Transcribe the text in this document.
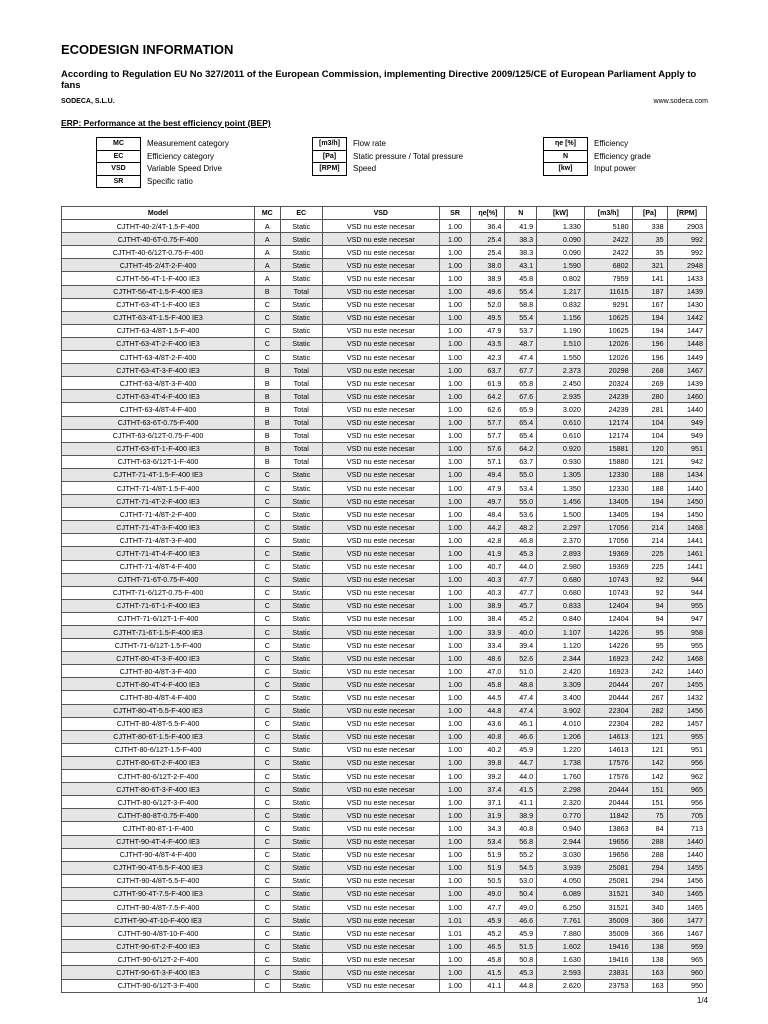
ECODESIGN INFORMATION

According to Regulation EU No 327/2011 of the European Commission, implementing Directive 2009/125/CE of European Parliament Apply to fans

SODECA, S.L.U.	www.sodeca.com
ERP: Performance at the best efficiency point (BEP)
MC	Measurement category
EC	Efficiency category
VSD	Variable Speed Drive
SR	Specific ratio
[m3/h]	Flow rate
[Pa]	Static pressure / Total pressure
[RPM]	Speed
ηe [%]	Efficiency
N	Efficiency grade
[kw]	Input power
Model	MC	EC	VSD	SR	ηe[%]	N	[kW]	[m3/h]	[Pa]	[RPM]
CJTHT-40-2/4T-1.5-F-400	A	Static	VSD nu este necesar	1.00	36.4	41.9	1.330	5180	338	2903
CJTHT-40-6T-0.75-F-400	A	Static	VSD nu este necesar	1.00	25.4	38.3	0.090	2422	35	992
CJTHT-40-6/12T-0.75-F-400	A	Static	VSD nu este necesar	1.00	25.4	38.3	0.090	2422	35	992
CJTHT-45-2/4T-2-F-400	A	Static	VSD nu este necesar	1.00	38.0	43.1	1.590	6802	321	2948
CJTHT-56-4T-1-F-400 IE3	A	Static	VSD nu este necesar	1.00	38.9	45.8	0.802	7959	141	1433
CJTHT-56-4T-1.5-F-400 IE3	B	Total	VSD nu este necesar	1.00	49.6	55.4	1.217	11615	187	1439
CJTHT-63-4T-1-F-400 IE3	C	Static	VSD nu este necesar	1.00	52.0	58.8	0.832	9291	167	1430
CJTHT-63-4T-1.5-F-400 IE3	C	Static	VSD nu este necesar	1.00	49.5	55.4	1.156	10625	194	1442
CJTHT-63-4/8T-1.5-F-400	C	Static	VSD nu este necesar	1.00	47.9	53.7	1.190	10625	194	1447
CJTHT-63-4T-2-F-400 IE3	C	Static	VSD nu este necesar	1.00	43.5	48.7	1.510	12026	196	1448
CJTHT-63-4/8T-2-F-400	C	Static	VSD nu este necesar	1.00	42.3	47.4	1.550	12026	196	1449
CJTHT-63-4T-3-F-400 IE3	B	Total	VSD nu este necesar	1.00	63.7	67.7	2.373	20298	268	1467
CJTHT-63-4/8T-3-F-400	B	Total	VSD nu este necesar	1.00	61.9	65.8	2.450	20324	269	1439
CJTHT-63-4T-4-F-400 IE3	B	Total	VSD nu este necesar	1.00	64.2	67.6	2.935	24239	280	1460
CJTHT-63-4/8T-4-F-400	B	Total	VSD nu este necesar	1.00	62.6	65.9	3.020	24239	281	1440
CJTHT-63-6T-0.75-F-400	B	Total	VSD nu este necesar	1.00	57.7	65.4	0.610	12174	104	949
CJTHT-63-6/12T-0.75-F-400	B	Total	VSD nu este necesar	1.00	57.7	65.4	0.610	12174	104	949
CJTHT-63-6T-1-F-400 IE3	B	Total	VSD nu este necesar	1.00	57.6	64.2	0.920	15881	120	951
CJTHT-63-6/12T-1-F-400	B	Total	VSD nu este necesar	1.00	57.1	63.7	0.930	15880	121	942
CJTHT-71-4T-1.5-F-400 IE3	C	Static	VSD nu este necesar	1.00	49.4	55.0	1.305	12330	188	1434
CJTHT-71-4/8T-1.5-F-400	C	Static	VSD nu este necesar	1.00	47.9	53.4	1.350	12330	188	1440
CJTHT-71-4T-2-F-400 IE3	C	Static	VSD nu este necesar	1.00	49.7	55.0	1.456	13405	194	1450
CJTHT-71-4/8T-2-F-400	C	Static	VSD nu este necesar	1.00	48.4	53.6	1.500	13405	194	1450
CJTHT-71-4T-3-F-400 IE3	C	Static	VSD nu este necesar	1.00	44.2	48.2	2.297	17056	214	1468
CJTHT-71-4/8T-3-F-400	C	Static	VSD nu este necesar	1.00	42.8	46.8	2.370	17056	214	1441
CJTHT-71-4T-4-F-400 IE3	C	Static	VSD nu este necesar	1.00	41.9	45.3	2.893	19369	225	1461
CJTHT-71-4/8T-4-F-400	C	Static	VSD nu este necesar	1.00	40.7	44.0	2.980	19369	225	1441
CJTHT-71-6T-0.75-F-400	C	Static	VSD nu este necesar	1.00	40.3	47.7	0.680	10743	92	944
CJTHT-71-6/12T-0.75-F-400	C	Static	VSD nu este necesar	1.00	40.3	47.7	0.680	10743	92	944
CJTHT-71-6T-1-F-400 IE3	C	Static	VSD nu este necesar	1.00	38.9	45.7	0.833	12404	94	955
CJTHT-71-6/12T-1-F-400	C	Static	VSD nu este necesar	1.00	38.4	45.2	0.840	12404	94	947
CJTHT-71-6T-1.5-F-400 IE3	C	Static	VSD nu este necesar	1.00	33.9	40.0	1.107	14226	95	958
CJTHT-71-6/12T-1.5-F-400	C	Static	VSD nu este necesar	1.00	33.4	39.4	1.120	14226	95	955
CJTHT-80-4T-3-F-400 IE3	C	Static	VSD nu este necesar	1.00	48.6	52.6	2.344	16923	242	1468
CJTHT-80-4/8T-3-F-400	C	Static	VSD nu este necesar	1.00	47.0	51.0	2.420	16923	242	1440
CJTHT-80-4T-4-F-400 IE3	C	Static	VSD nu este necesar	1.00	45.8	48.8	3.309	20444	267	1455
CJTHT-80-4/8T-4-F-400	C	Static	VSD nu este necesar	1.00	44.5	47.4	3.400	20444	267	1432
CJTHT-80-4T-5.5-F-400 IE3	C	Static	VSD nu este necesar	1.00	44.8	47.4	3.902	22304	282	1456
CJTHT-80-4/8T-5.5-F-400	C	Static	VSD nu este necesar	1.00	43.6	46.1	4.010	22304	282	1457
CJTHT-80-6T-1.5-F-400 IE3	C	Static	VSD nu este necesar	1.00	40.8	46.6	1.206	14613	121	955
CJTHT-80-6/12T-1.5-F-400	C	Static	VSD nu este necesar	1.00	40.2	45.9	1.220	14613	121	951
CJTHT-80-6T-2-F-400 IE3	C	Static	VSD nu este necesar	1.00	39.8	44.7	1.738	17576	142	956
CJTHT-80-6/12T-2-F-400	C	Static	VSD nu este necesar	1.00	39.2	44.0	1.760	17576	142	962
CJTHT-80-6T-3-F-400 IE3	C	Static	VSD nu este necesar	1.00	37.4	41.5	2.298	20444	151	965
CJTHT-80-6/12T-3-F-400	C	Static	VSD nu este necesar	1.00	37.1	41.1	2.320	20444	151	956
CJTHT-80-8T-0.75-F-400	C	Static	VSD nu este necesar	1.00	31.9	38.9	0.770	11842	75	705
CJTHT-80-8T-1-F-400	C	Static	VSD nu este necesar	1.00	34.3	40.8	0.940	13863	84	713
CJTHT-90-4T-4-F-400 IE3	C	Static	VSD nu este necesar	1.00	53.4	56.8	2.944	19656	288	1440
CJTHT-90-4/8T-4-F-400	C	Static	VSD nu este necesar	1.00	51.9	55.2	3.030	19656	288	1440
CJTHT-90-4T-5.5-F-400 IE3	C	Static	VSD nu este necesar	1.00	51.9	54.5	3.939	25081	294	1455
CJTHT-90-4/8T-5.5-F-400	C	Static	VSD nu este necesar	1.00	50.5	53.0	4.050	25081	294	1456
CJTHT-90-4T-7.5-F-400 IE3	C	Static	VSD nu este necesar	1.00	49.0	50.4	6.089	31521	340	1465
CJTHT-90-4/8T-7.5-F-400	C	Static	VSD nu este necesar	1.00	47.7	49.0	6.250	31521	340	1465
CJTHT-90-4T-10-F-400 IE3	C	Static	VSD nu este necesar	1.01	45.9	46.6	7.761	35009	366	1477
CJTHT-90-4/8T-10-F-400	C	Static	VSD nu este necesar	1.01	45.2	45.9	7.880	35009	366	1467
CJTHT-90-6T-2-F-400 IE3	C	Static	VSD nu este necesar	1.00	46.5	51.5	1.602	19416	138	959
CJTHT-90-6/12T-2-F-400	C	Static	VSD nu este necesar	1.00	45.8	50.8	1.630	19416	138	965
CJTHT-90-6T-3-F-400 IE3	C	Static	VSD nu este necesar	1.00	41.5	45.3	2.593	23831	163	960
CJTHT-90-6/12T-3-F-400	C	Static	VSD nu este necesar	1.00	41.1	44.8	2.620	23753	163	950
1/4
